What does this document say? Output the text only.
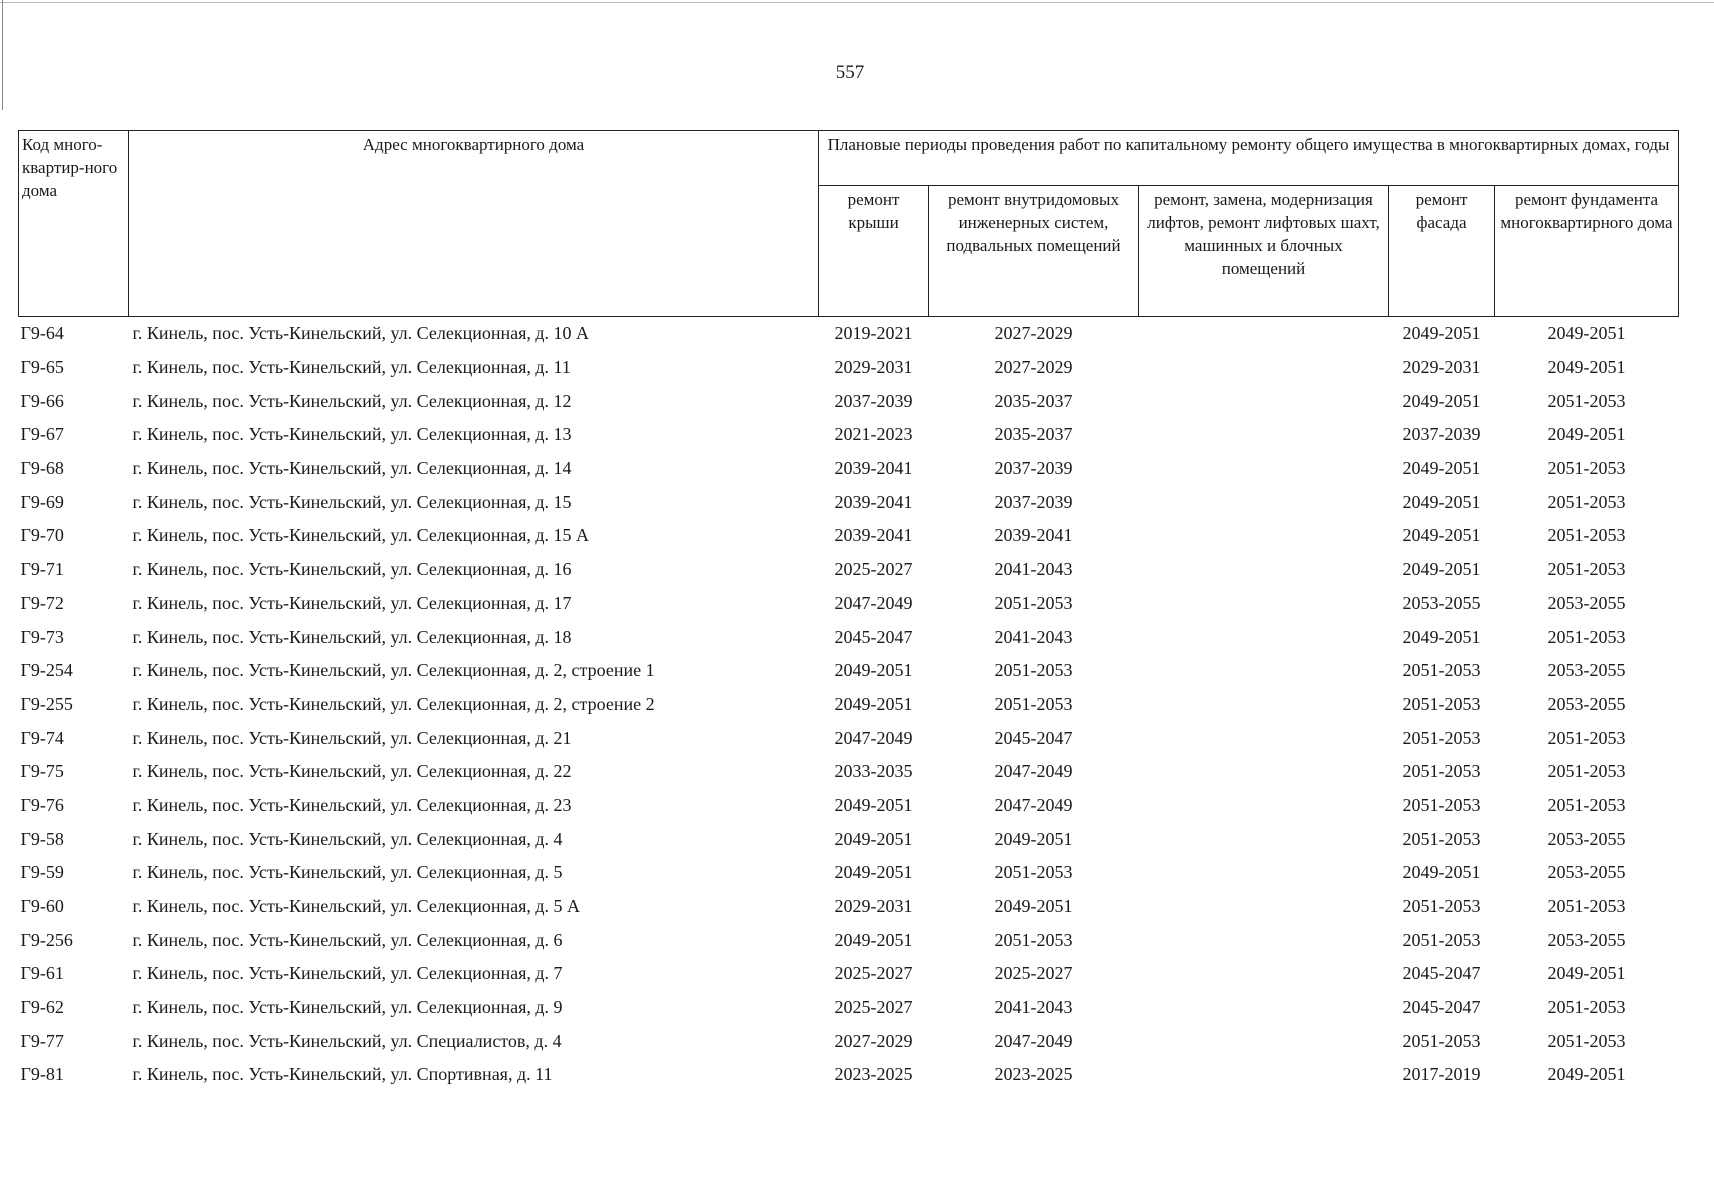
557
Код много-квартир-ного дома	Адрес многоквартирного дома	Плановые периоды проведения работ по капитальному ремонту общего имущества в многоквартирных домах, годы				
		ремонт крыши	ремонт внутридомовых инженерных систем, подвальных помещений	ремонт, замена, модернизация лифтов, ремонт лифтовых шахт, машинных и блочных помещений	ремонт фасада	ремонт фундамента многоквартирного дома
Г9-64	г. Кинель, пос. Усть-Кинельский, ул. Селекционная, д. 10 А	2019-2021	2027-2029		2049-2051	2049-2051
Г9-65	г. Кинель, пос. Усть-Кинельский, ул. Селекционная, д. 11	2029-2031	2027-2029		2029-2031	2049-2051
Г9-66	г. Кинель, пос. Усть-Кинельский, ул. Селекционная, д. 12	2037-2039	2035-2037		2049-2051	2051-2053
Г9-67	г. Кинель, пос. Усть-Кинельский, ул. Селекционная, д. 13	2021-2023	2035-2037		2037-2039	2049-2051
Г9-68	г. Кинель, пос. Усть-Кинельский, ул. Селекционная, д. 14	2039-2041	2037-2039		2049-2051	2051-2053
Г9-69	г. Кинель, пос. Усть-Кинельский, ул. Селекционная, д. 15	2039-2041	2037-2039		2049-2051	2051-2053
Г9-70	г. Кинель, пос. Усть-Кинельский, ул. Селекционная, д. 15 А	2039-2041	2039-2041		2049-2051	2051-2053
Г9-71	г. Кинель, пос. Усть-Кинельский, ул. Селекционная, д. 16	2025-2027	2041-2043		2049-2051	2051-2053
Г9-72	г. Кинель, пос. Усть-Кинельский, ул. Селекционная, д. 17	2047-2049	2051-2053		2053-2055	2053-2055
Г9-73	г. Кинель, пос. Усть-Кинельский, ул. Селекционная, д. 18	2045-2047	2041-2043		2049-2051	2051-2053
Г9-254	г. Кинель, пос. Усть-Кинельский, ул. Селекционная, д. 2, строение 1	2049-2051	2051-2053		2051-2053	2053-2055
Г9-255	г. Кинель, пос. Усть-Кинельский, ул. Селекционная, д. 2, строение 2	2049-2051	2051-2053		2051-2053	2053-2055
Г9-74	г. Кинель, пос. Усть-Кинельский, ул. Селекционная, д. 21	2047-2049	2045-2047		2051-2053	2051-2053
Г9-75	г. Кинель, пос. Усть-Кинельский, ул. Селекционная, д. 22	2033-2035	2047-2049		2051-2053	2051-2053
Г9-76	г. Кинель, пос. Усть-Кинельский, ул. Селекционная, д. 23	2049-2051	2047-2049		2051-2053	2051-2053
Г9-58	г. Кинель, пос. Усть-Кинельский, ул. Селекционная, д. 4	2049-2051	2049-2051		2051-2053	2053-2055
Г9-59	г. Кинель, пос. Усть-Кинельский, ул. Селекционная, д. 5	2049-2051	2051-2053		2049-2051	2053-2055
Г9-60	г. Кинель, пос. Усть-Кинельский, ул. Селекционная, д. 5 А	2029-2031	2049-2051		2051-2053	2051-2053
Г9-256	г. Кинель, пос. Усть-Кинельский, ул. Селекционная, д. 6	2049-2051	2051-2053		2051-2053	2053-2055
Г9-61	г. Кинель, пос. Усть-Кинельский, ул. Селекционная, д. 7	2025-2027	2025-2027		2045-2047	2049-2051
Г9-62	г. Кинель, пос. Усть-Кинельский, ул. Селекционная, д. 9	2025-2027	2041-2043		2045-2047	2051-2053
Г9-77	г. Кинель, пос. Усть-Кинельский, ул. Специалистов, д. 4	2027-2029	2047-2049		2051-2053	2051-2053
Г9-81	г. Кинель, пос. Усть-Кинельский, ул. Спортивная, д. 11	2023-2025	2023-2025		2017-2019	2049-2051
